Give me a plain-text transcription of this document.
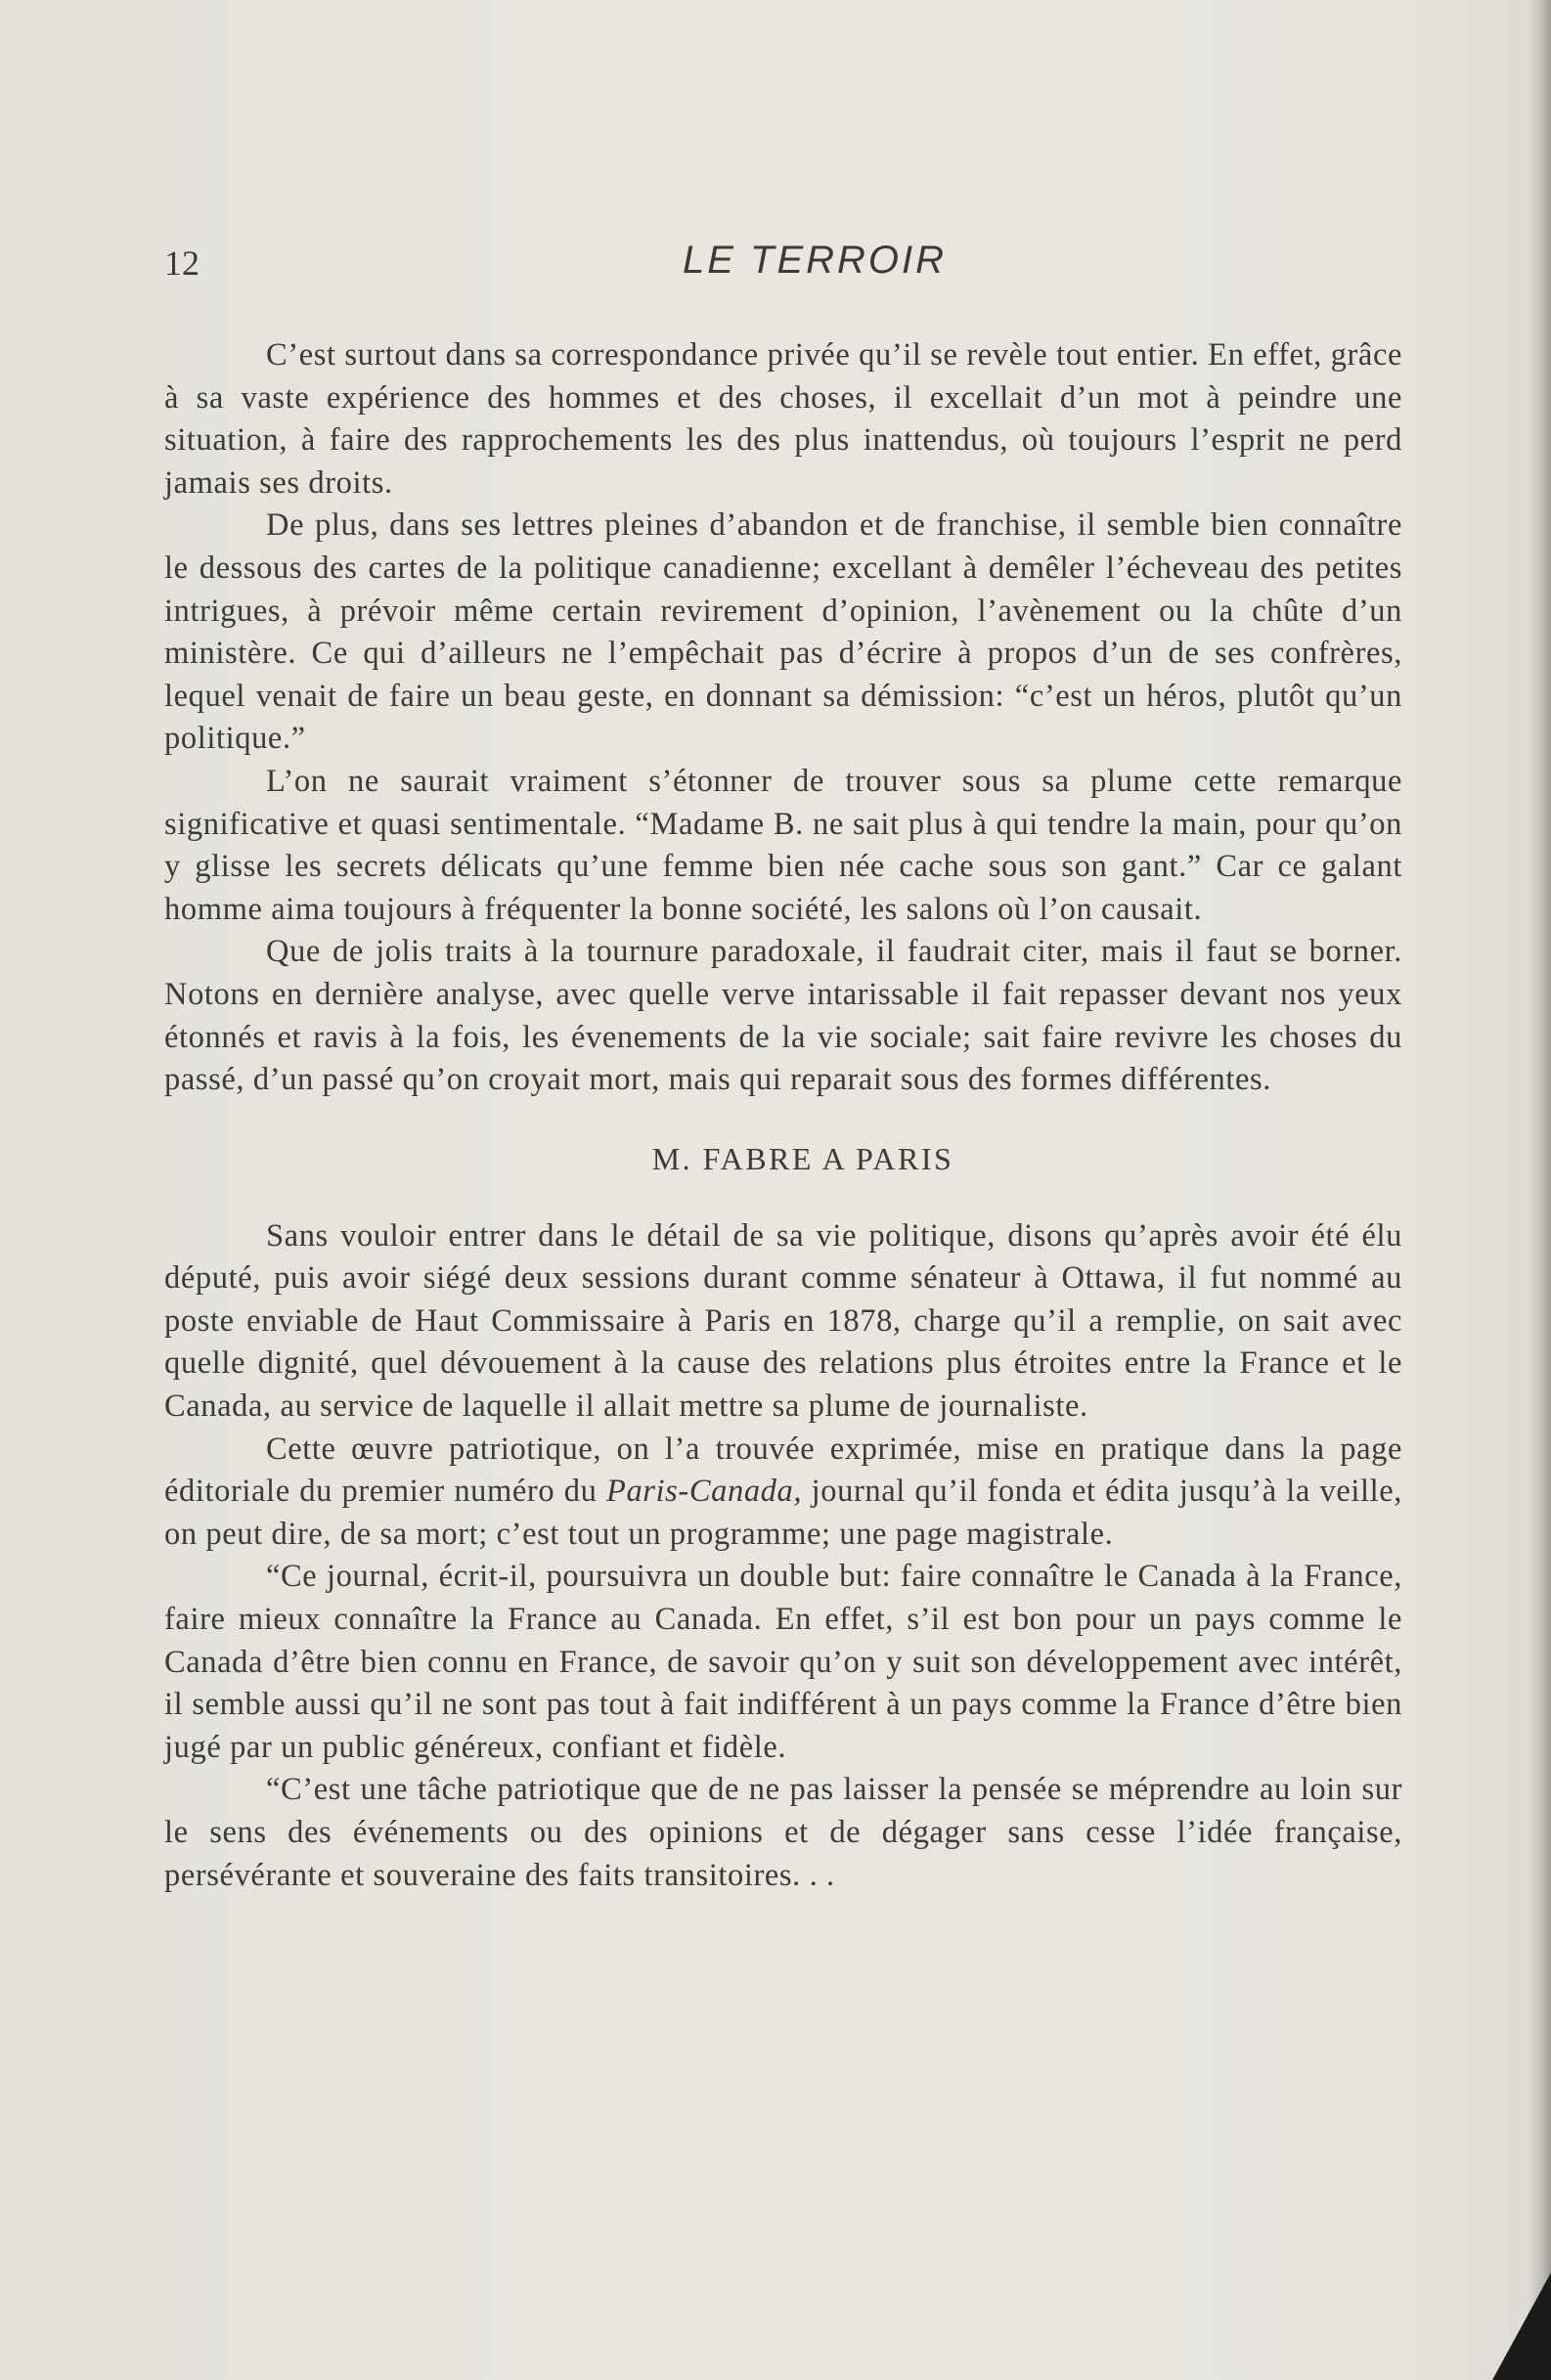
12	LE TERROIR

C’est surtout dans sa correspondance privée qu’il se revèle tout entier. En effet, grâce à sa vaste expérience des hommes et des choses, il excellait d’un mot à peindre une situation, à faire des rapprochements les des plus inattendus, où toujours l’esprit ne perd jamais ses droits.

De plus, dans ses lettres pleines d’abandon et de franchise, il semble bien connaître le dessous des cartes de la politique canadienne; excellant à demêler l’écheveau des petites intrigues, à prévoir même certain revirement d’opinion, l’avènement ou la chûte d’un ministère. Ce qui d’ailleurs ne l’empêchait pas d’écrire à propos d’un de ses confrères, lequel venait de faire un beau geste, en donnant sa démission: “c’est un héros, plutôt qu’un politique.”

L’on ne saurait vraiment s’étonner de trouver sous sa plume cette remarque significative et quasi sentimentale. “Madame B. ne sait plus à qui tendre la main, pour qu’on y glisse les secrets délicats qu’une femme bien née cache sous son gant.” Car ce galant homme aima toujours à fréquenter la bonne société, les salons où l’on causait.

Que de jolis traits à la tournure paradoxale, il faudrait citer, mais il faut se borner. Notons en dernière analyse, avec quelle verve intarissable il fait repasser devant nos yeux étonnés et ravis à la fois, les évenements de la vie sociale; sait faire revivre les choses du passé, d’un passé qu’on croyait mort, mais qui reparait sous des formes différentes.

M. FABRE A PARIS

Sans vouloir entrer dans le détail de sa vie politique, disons qu’après avoir été élu député, puis avoir siégé deux sessions durant comme sénateur à Ottawa, il fut nommé au poste enviable de Haut Commissaire à Paris en 1878, charge qu’il a remplie, on sait avec quelle dignité, quel dévouement à la cause des relations plus étroites entre la France et le Canada, au service de laquelle il allait mettre sa plume de journaliste.

Cette œuvre patriotique, on l’a trouvée exprimée, mise en pratique dans la page éditoriale du premier numéro du Paris-Canada, journal qu’il fonda et édita jusqu’à la veille, on peut dire, de sa mort; c’est tout un programme; une page magistrale.

“Ce journal, écrit-il, poursuivra un double but: faire connaître le Canada à la France, faire mieux connaître la France au Canada. En effet, s’il est bon pour un pays comme le Canada d’être bien connu en France, de savoir qu’on y suit son développement avec intérêt, il semble aussi qu’il ne sont pas tout à fait indifférent à un pays comme la France d’être bien jugé par un public généreux, confiant et fidèle.

“C’est une tâche patriotique que de ne pas laisser la pensée se méprendre au loin sur le sens des événements ou des opinions et de dégager sans cesse l’idée française, persévérante et souveraine des faits transitoires. . .
